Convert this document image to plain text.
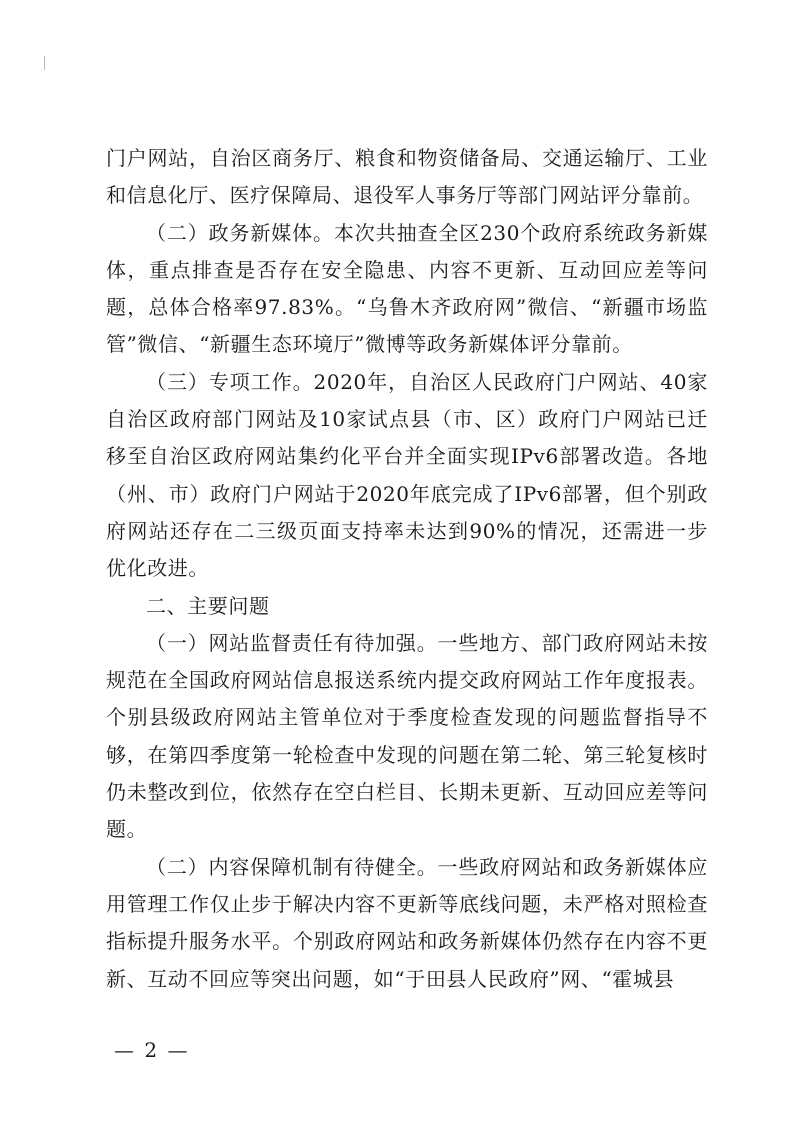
门户网站，自治区商务厅、粮食和物资储备局、交通运输厅、工业和信息化厅、医疗保障局、退役军人事务厅等部门网站评分靠前。

（二）政务新媒体。本次共抽查全区230个政府系统政务新媒体，重点排查是否存在安全隐患、内容不更新、互动回应差等问题，总体合格率97.83%。“乌鲁木齐政府网”微信、“新疆市场监管”微信、“新疆生态环境厅”微博等政务新媒体评分靠前。

（三）专项工作。2020年，自治区人民政府门户网站、40家自治区政府部门网站及10家试点县（市、区）政府门户网站已迁移至自治区政府网站集约化平台并全面实现IPv6部署改造。各地（州、市）政府门户网站于2020年底完成了IPv6部署，但个别政府网站还存在二三级页面支持率未达到90%的情况，还需进一步优化改进。

二、主要问题

（一）网站监督责任有待加强。一些地方、部门政府网站未按规范在全国政府网站信息报送系统内提交政府网站工作年度报表。个别县级政府网站主管单位对于季度检查发现的问题监督指导不够，在第四季度第一轮检查中发现的问题在第二轮、第三轮复核时仍未整改到位，依然存在空白栏目、长期未更新、互动回应差等问题。

（二）内容保障机制有待健全。一些政府网站和政务新媒体应用管理工作仅止步于解决内容不更新等底线问题，未严格对照检查指标提升服务水平。个别政府网站和政务新媒体仍然存在内容不更新、互动不回应等突出问题，如“于田县人民政府”网、“霍城县

— 2 —
